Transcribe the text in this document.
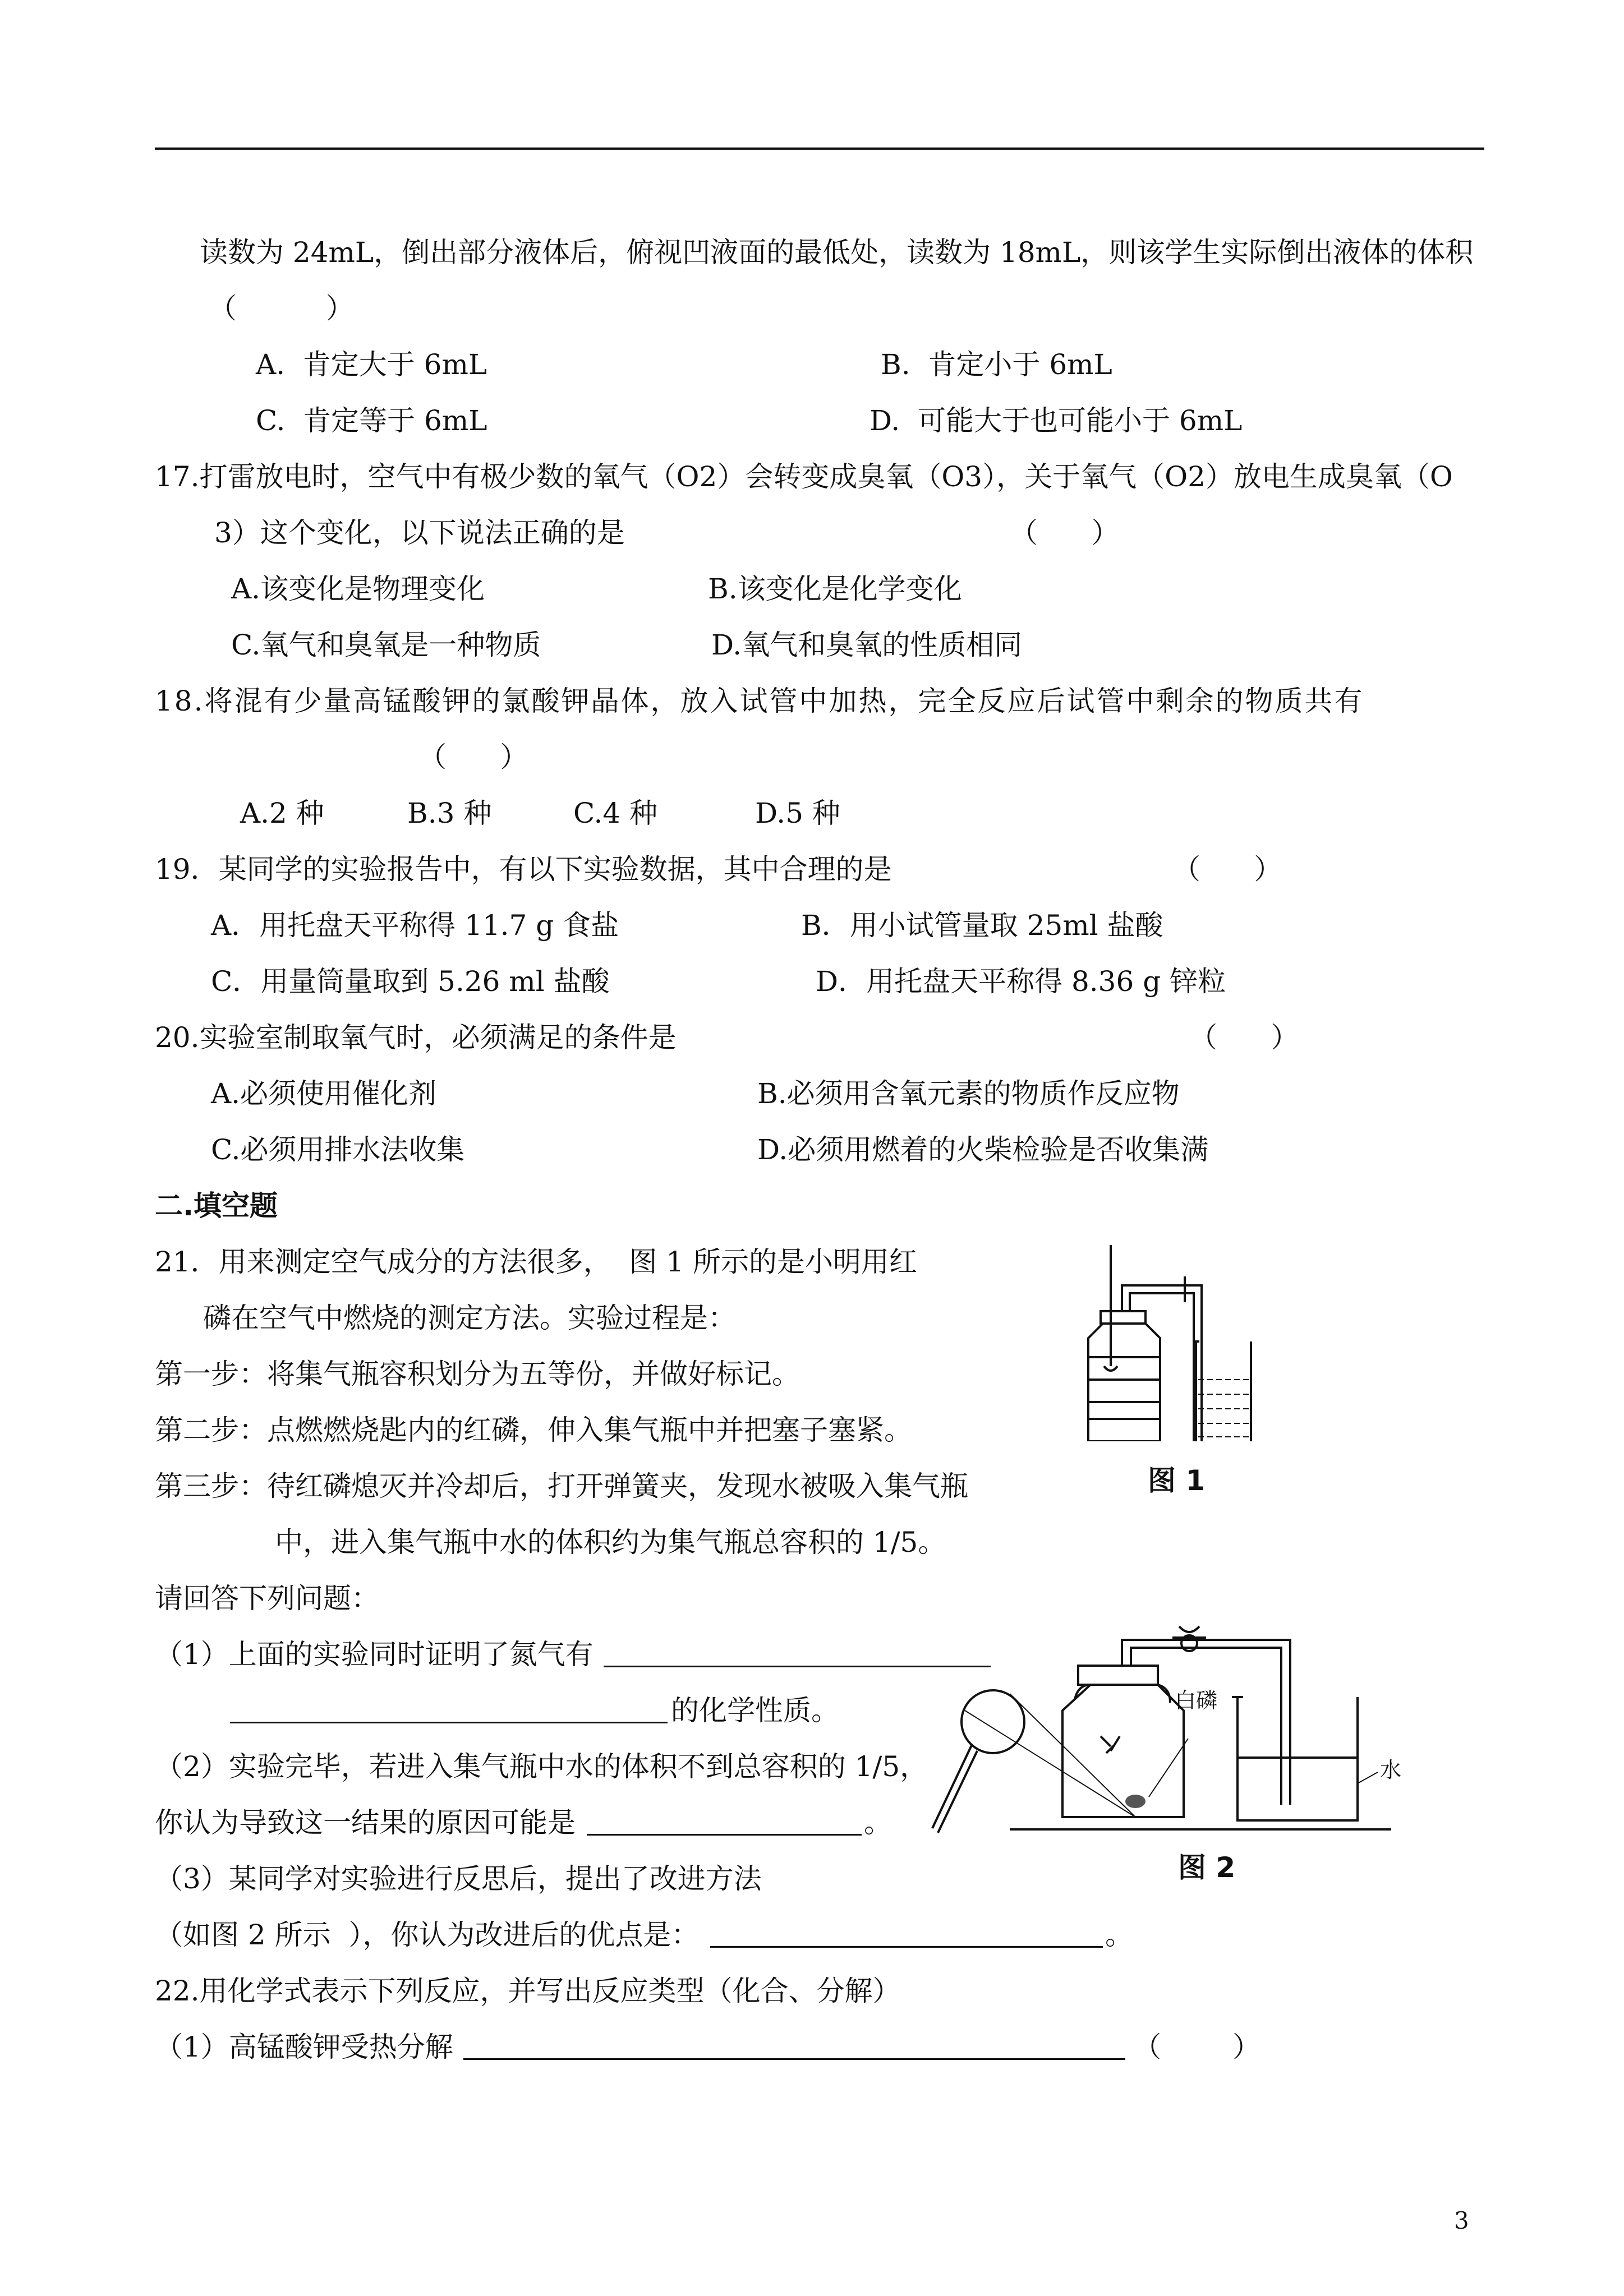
读数为 24mL，倒出部分液体后，俯视凹液面的最低处，读数为 18mL，则该学生实际倒出液体的体积
（          ）
A.  肯定大于 6mL	B.  肯定小于 6mL
C.  肯定等于 6mL	D.  可能大于也可能小于 6mL
17.打雷放电时，空气中有极少数的氧气（O2）会转变成臭氧（O3），关于氧气（O2）放电生成臭氧（O
3）这个变化，以下说法正确的是	（      ）
A.该变化是物理变化	B.该变化是化学变化
C.氧气和臭氧是一种物质	D.氧气和臭氧的性质相同
18.将混有少量高锰酸钾的氯酸钾晶体，放入试管中加热，完全反应后试管中剩余的物质共有
（      ）
A.2 种	B.3 种	C.4 种	D.5 种
19．某同学的实验报告中，有以下实验数据，其中合理的是	（      ）
A．用托盘天平称得 11.7 g 食盐	B．用小试管量取 25ml 盐酸
C．用量筒量取到 5.26 ml 盐酸	D．用托盘天平称得 8.36 g 锌粒
20.实验室制取氧气时，必须满足的条件是	（      ）
A.必须使用催化剂	B.必须用含氧元素的物质作反应物
C.必须用排水法收集	D.必须用燃着的火柴检验是否收集满
二.填空题
21．用来测定空气成分的方法很多，  图 1 所示的是小明用红
磷在空气中燃烧的测定方法。实验过程是：
第一步：将集气瓶容积划分为五等份，并做好标记。
第二步：点燃燃烧匙内的红磷，伸入集气瓶中并把塞子塞紧。
第三步：待红磷熄灭并冷却后，打开弹簧夹，发现水被吸入集气瓶
中，进入集气瓶中水的体积约为集气瓶总容积的 1/5。
请回答下列问题：
（1）上面的实验同时证明了氮气有
的化学性质。
（2）实验完毕，若进入集气瓶中水的体积不到总容积的 1/5，
你认为导致这一结果的原因可能是	。
（3）某同学对实验进行反思后，提出了改进方法
（如图 2 所示  ），你认为改进后的优点是：	。
22.用化学式表示下列反应，并写出反应类型（化合、分解）
（1）高锰酸钾受热分解	（        ）
3
图 1
白磷
水
图 2
